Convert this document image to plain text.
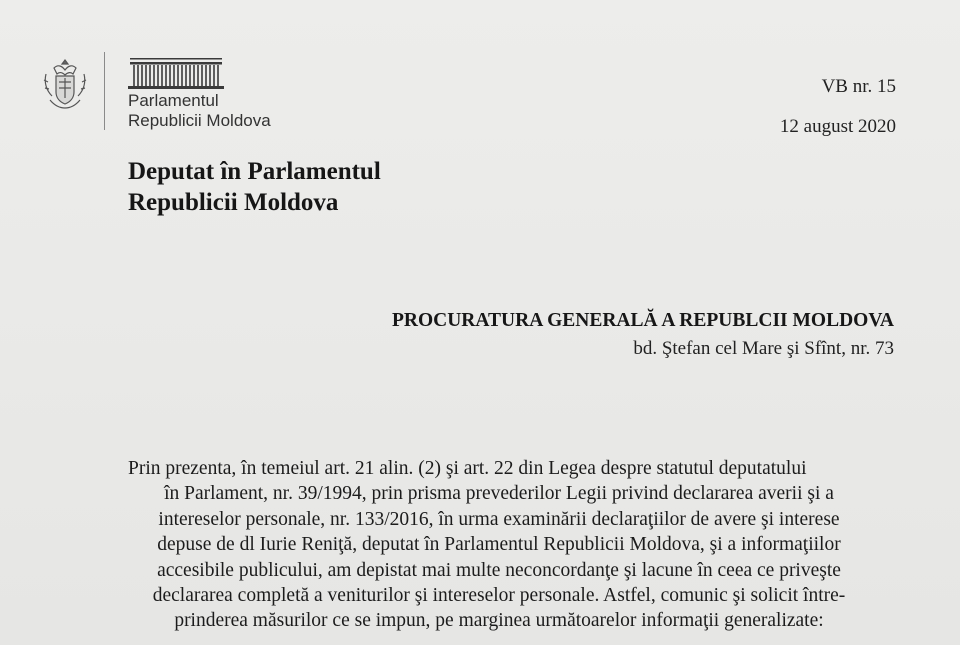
Parlamentul
Republicii Moldova
VB nr. 15
12 august 2020
Deputat în Parlamentul
Republicii Moldova
PROCURATURA GENERALĂ A REPUBLCII MOLDOVA
bd. Ştefan cel Mare şi Sfînt, nr. 73
Prin prezenta, în temeiul art. 21 alin. (2) şi art. 22 din Legea despre statutul deputatului
în Parlament, nr. 39/1994, prin prisma prevederilor Legii privind declararea averii şi a
intereselor personale, nr. 133/2016, în urma examinării declaraţiilor de avere şi interese
depuse de dl Iurie Reniţă, deputat în Parlamentul Republicii Moldova, şi a informaţiilor
accesibile publicului, am depistat mai multe neconcordanţe şi lacune în ceea ce priveşte
declararea completă a veniturilor şi intereselor personale. Astfel, comunic şi solicit între-
prinderea măsurilor ce se impun, pe marginea următoarelor informaţii generalizate:
